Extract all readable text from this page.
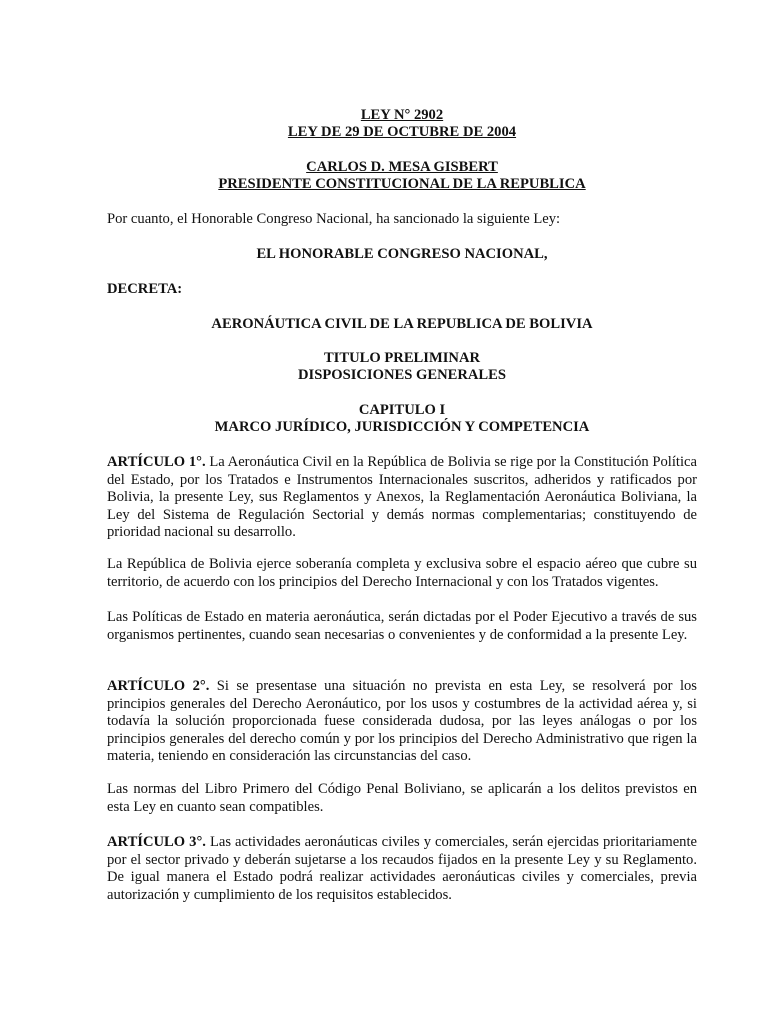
LEY N° 2902
LEY DE 29 DE OCTUBRE DE 2004
CARLOS D. MESA GISBERT
PRESIDENTE CONSTITUCIONAL DE LA REPUBLICA
Por cuanto, el Honorable Congreso Nacional, ha sancionado la siguiente Ley:
EL HONORABLE CONGRESO NACIONAL,
DECRETA:
AERONÁUTICA CIVIL DE LA REPUBLICA DE BOLIVIA
TITULO PRELIMINAR
DISPOSICIONES GENERALES
CAPITULO I
MARCO JURÍDICO, JURISDICCIÓN Y COMPETENCIA

ARTÍCULO 1°. La Aeronáutica Civil en la República de Bolivia se rige por la Constitución Política del Estado, por los Tratados e Instrumentos Internacionales suscritos, adheridos y ratificados por Bolivia, la presente Ley, sus Reglamentos y Anexos, la Reglamentación Aeronáutica Boliviana, la Ley del Sistema de Regulación Sectorial y demás normas complementarias; constituyendo de prioridad nacional su desarrollo.

La República de Bolivia ejerce soberanía completa y exclusiva sobre el espacio aéreo que cubre su territorio, de acuerdo con los principios del Derecho Internacional y con los Tratados vigentes.

Las Políticas de Estado en materia aeronáutica, serán dictadas por el Poder Ejecutivo a través de sus organismos pertinentes, cuando sean necesarias o convenientes y de conformidad a la presente Ley.

ARTÍCULO 2°. Si se presentase una situación no prevista en esta Ley, se resolverá por los principios generales del Derecho Aeronáutico, por los usos y costumbres de la actividad aérea y, si todavía la solución proporcionada fuese considerada dudosa, por las leyes análogas o por los principios generales del derecho común y por los principios del Derecho Administrativo que rigen la materia, teniendo en consideración las circunstancias del caso.

Las normas del Libro Primero del Código Penal Boliviano, se aplicarán a los delitos previstos en esta Ley en cuanto sean compatibles.

ARTÍCULO 3°. Las actividades aeronáuticas civiles y comerciales, serán ejercidas prioritariamente por el sector privado y deberán sujetarse a los recaudos fijados en la presente Ley y su Reglamento. De igual manera el Estado podrá realizar actividades aeronáuticas civiles y comerciales, previa autorización y cumplimiento de los requisitos establecidos.
